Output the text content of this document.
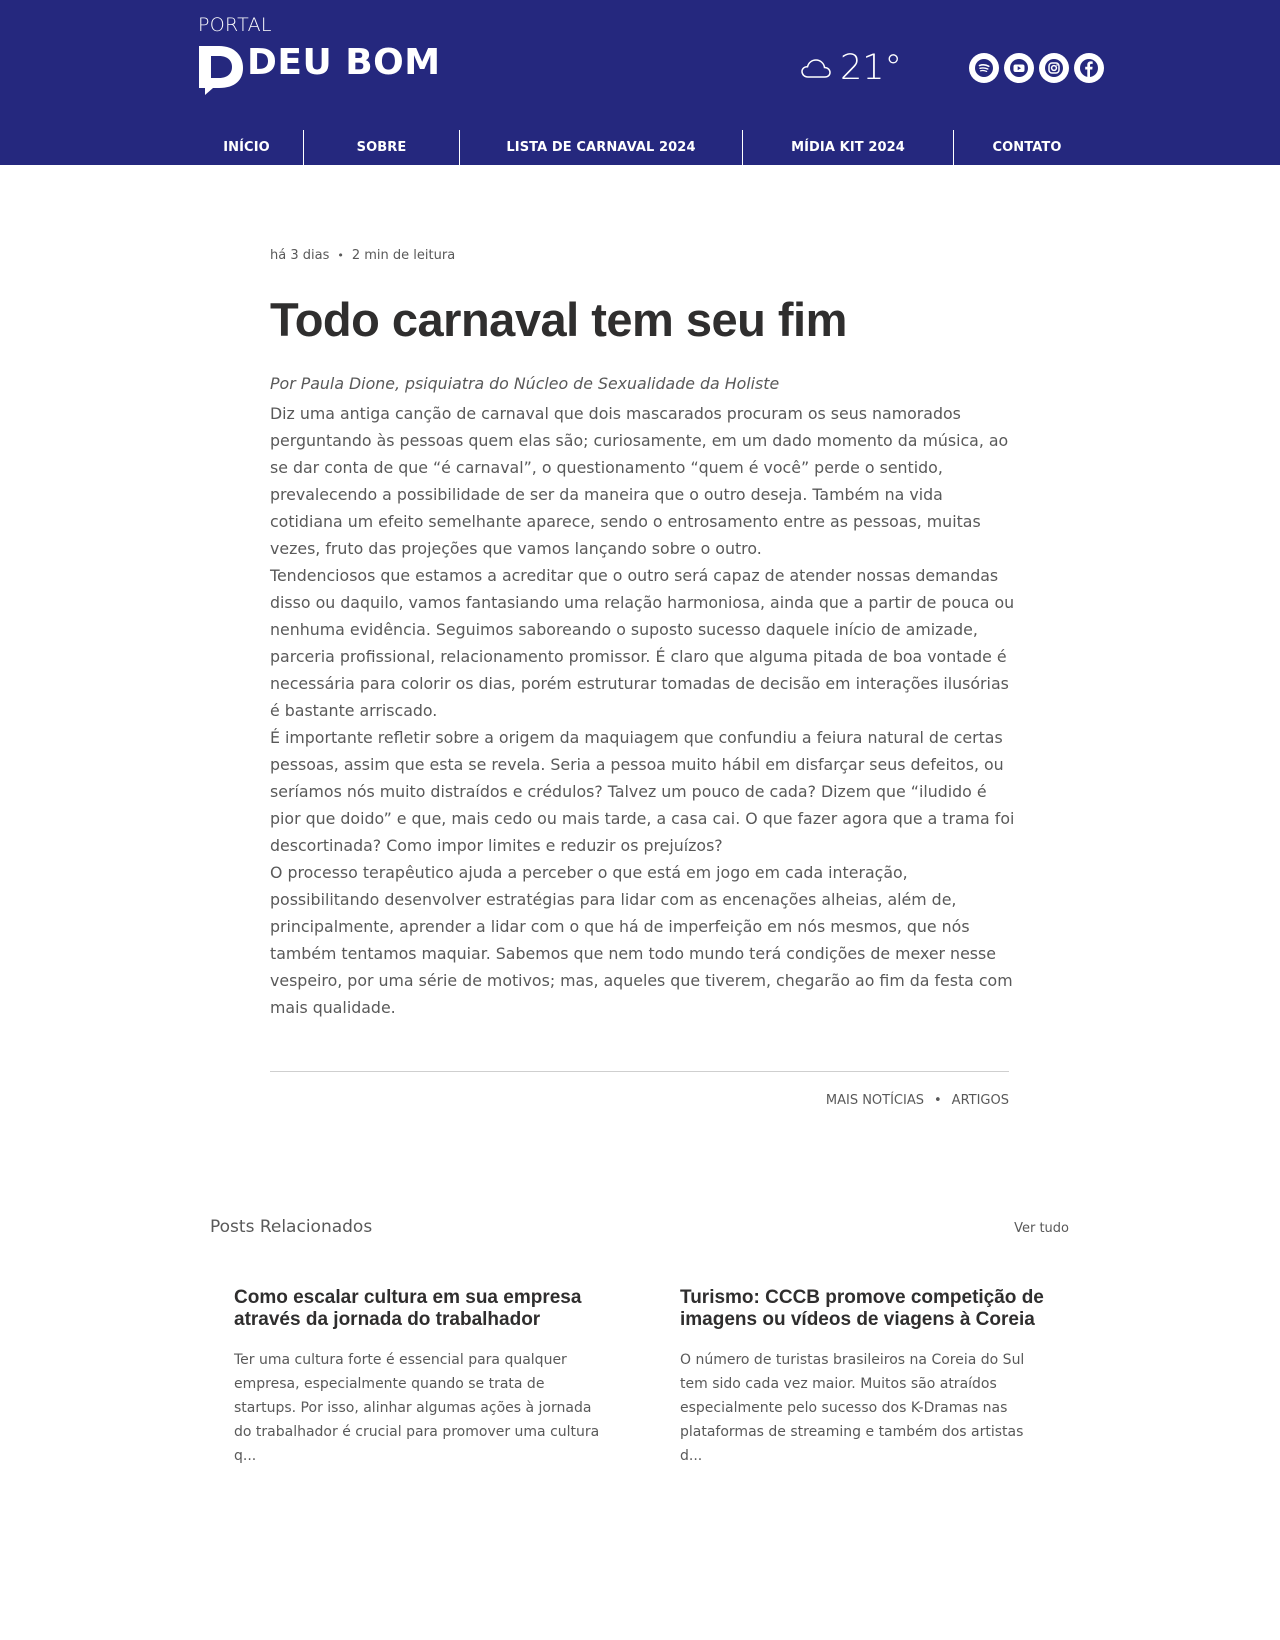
PORTAL
DEU BOM	21°
INÍCIO	SOBRE	LISTA DE CARNAVAL 2024	MÍDIA KIT 2024	CONTATO
há 3 dias • 2 min de leitura
Todo carnaval tem seu fim
Por Paula Dione, psiquiatra do Núcleo de Sexualidade da Holiste

Diz uma antiga canção de carnaval que dois mascarados procuram os seus namorados perguntando às pessoas quem elas são; curiosamente, em um dado momento da música, ao se dar conta de que “é carnaval”, o questionamento “quem é você” perde o sentido, prevalecendo a possibilidade de ser da maneira que o outro deseja. Também na vida cotidiana um efeito semelhante aparece, sendo o entrosamento entre as pessoas, muitas vezes, fruto das projeções que vamos lançando sobre o outro.

Tendenciosos que estamos a acreditar que o outro será capaz de atender nossas demandas disso ou daquilo, vamos fantasiando uma relação harmoniosa, ainda que a partir de pouca ou nenhuma evidência. Seguimos saboreando o suposto sucesso daquele início de amizade, parceria profissional, relacionamento promissor. É claro que alguma pitada de boa vontade é necessária para colorir os dias, porém estruturar tomadas de decisão em interações ilusórias é bastante arriscado.

É importante refletir sobre a origem da maquiagem que confundiu a feiura natural de certas pessoas, assim que esta se revela. Seria a pessoa muito hábil em disfarçar seus defeitos, ou seríamos nós muito distraídos e crédulos? Talvez um pouco de cada? Dizem que “iludido é pior que doido” e que, mais cedo ou mais tarde, a casa cai. O que fazer agora que a trama foi descortinada? Como impor limites e reduzir os prejuízos?

O processo terapêutico ajuda a perceber o que está em jogo em cada interação, possibilitando desenvolver estratégias para lidar com as encenações alheias, além de, principalmente, aprender a lidar com o que há de imperfeição em nós mesmos, que nós também tentamos maquiar. Sabemos que nem todo mundo terá condições de mexer nesse vespeiro, por uma série de motivos; mas, aqueles que tiverem, chegarão ao fim da festa com mais qualidade.

MAIS NOTÍCIAS • ARTIGOS
Posts Relacionados	Ver tudo
Como escalar cultura em sua empresa através da jornada do trabalhador
Ter uma cultura forte é essencial para qualquer empresa, especialmente quando se trata de startups. Por isso, alinhar algumas ações à jornada do trabalhador é crucial para promover uma cultura q...
Turismo: CCCB promove competição de imagens ou vídeos de viagens à Coreia
O número de turistas brasileiros na Coreia do Sul tem sido cada vez maior. Muitos são atraídos especialmente pelo sucesso dos K-Dramas nas plataformas de streaming e também dos artistas d...
